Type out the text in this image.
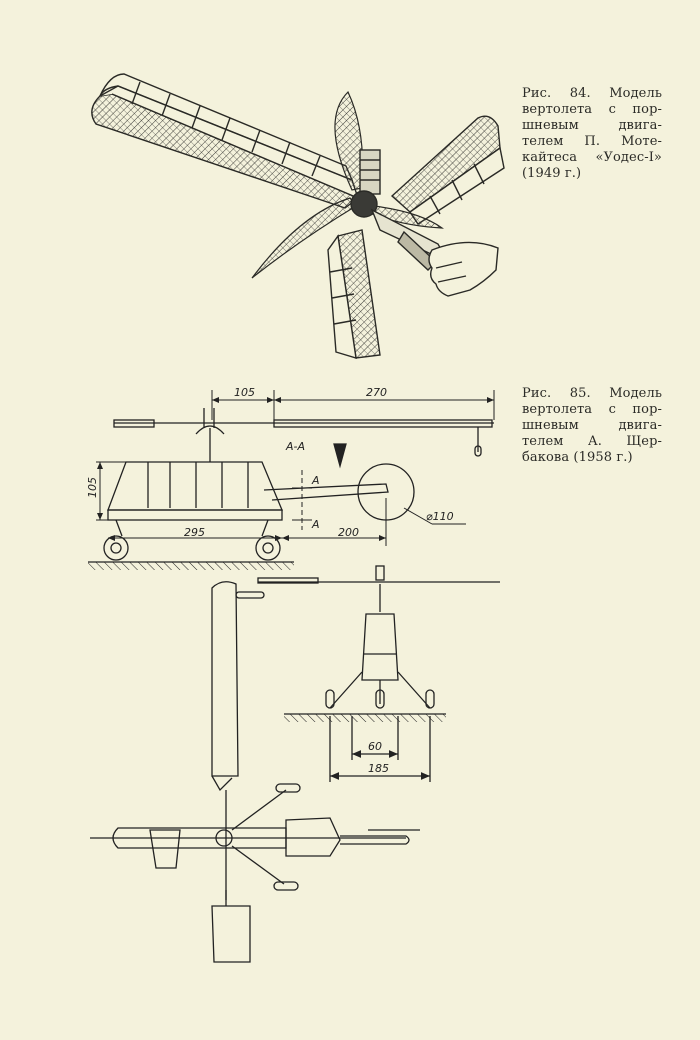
Рис. 84. Модель
вертолета с пор-
шневым двига-
телем П. Моте-
кайтеса «Уодес-I»
(1949 г.)

105	270
105
295	200
⌀110
А-А
А
А
60
185

Рис. 85. Модель
вертолета с пор-
шневым двига-
телем А. Щер-
бакова (1958 г.)
